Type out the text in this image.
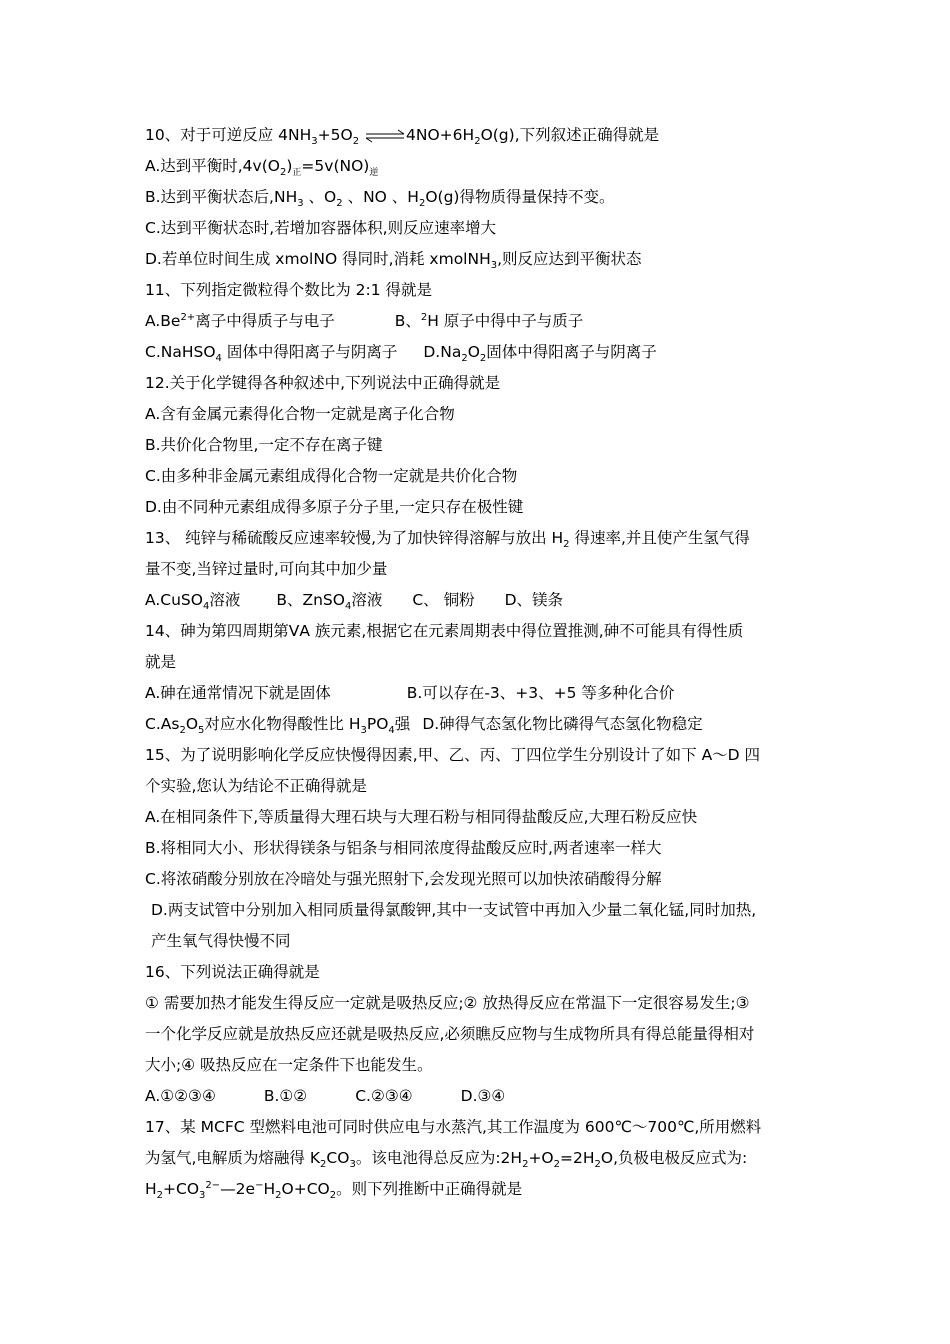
10、对于可逆反应 $4NH_3+5O_2$ $\rightleftharpoons 4NO+6H_2O(g)$,下列叙述正确得就是
A.达到平衡时$,4v(O_2)_正=5v(NO)_逆$
B.达到平衡状态后$,NH_3$ 、$O_2$ 、NO 、$H_2O(g)$得物质得量保持不变。
C.达到平衡状态时,若增加容器体积,则反应速率增大
D.若单位时间生成 xmolNO 得同时,消耗 xmolNH$_3$,则反应达到平衡状态
11、下列指定微粒得个数比为 2:1 得就是
$A.Be^{2+}$离子中得质子与电子	B、$^2$H 原子中得中子与质子
C.NaHSO$_4$ 固体中得阳离子与阴离子 $D.Na_2O_2$固体中得阳离子与阴离子
12.关于化学键得各种叙述中,下列说法中正确得就是
A.含有金属元素得化合物一定就是离子化合物
B.共价化合物里,一定不存在离子键
C.由多种非金属元素组成得化合物一定就是共价化合物
D.由不同种元素组成得多原子分子里,一定只存在极性键
13、 纯锌与稀硫酸反应速率较慢,为了加快锌得溶解与放出 $H_2$ 得速率,并且使产生氢气得
量不变,当锌过量时,可向其中加少量
A.CuSO$_4$溶液 B、ZnSO$_4$溶液 C、 铜粉 D、镁条
14、砷为第四周期第ⅤA 族元素,根据它在元素周期表中得位置推测,砷不可能具有得性质
就是
A.砷在通常情况下就是固体	B.可以存在-3、+3、+5 等多种化合价
$C.As_2O_5$对应水化物得酸性比 $H_3PO_4$强 D.砷得气态氢化物比磷得气态氢化物稳定
15、为了说明影响化学反应快慢得因素,甲、乙、丙、丁四位学生分别设计了如下 A～D 四
个实验,您认为结论不正确得就是
A.在相同条件下,等质量得大理石块与大理石粉与相同得盐酸反应,大理石粉反应快
B.将相同大小、形状得镁条与铝条与相同浓度得盐酸反应时,两者速率一样大
C.将浓硝酸分别放在冷暗处与强光照射下,会发现光照可以加快浓硝酸得分解
D.两支试管中分别加入相同质量得氯酸钾,其中一支试管中再加入少量二氧化锰,同时加热,
产生氧气得快慢不同
16、下列说法正确得就是
① 需要加热才能发生得反应一定就是吸热反应;② 放热得反应在常温下一定很容易发生;③
一个化学反应就是放热反应还就是吸热反应,必须瞧反应物与生成物所具有得总能量得相对
大小;④ 吸热反应在一定条件下也能发生。
A.①②③④	B.①②	C.②③④	D.③④
17、某 MCFC 型燃料电池可同时供应电与水蒸汽,其工作温度为 600℃～700℃,所用燃料
为氢气,电解质为熔融得 $K_2CO_3$。该电池得总反应为$:2H_2+O_2=2H_2O$,负极电极反应式为:
$H_2+CO_3^{2-}—2e^-H_2O+CO_2$。则下列推断中正确得就是
